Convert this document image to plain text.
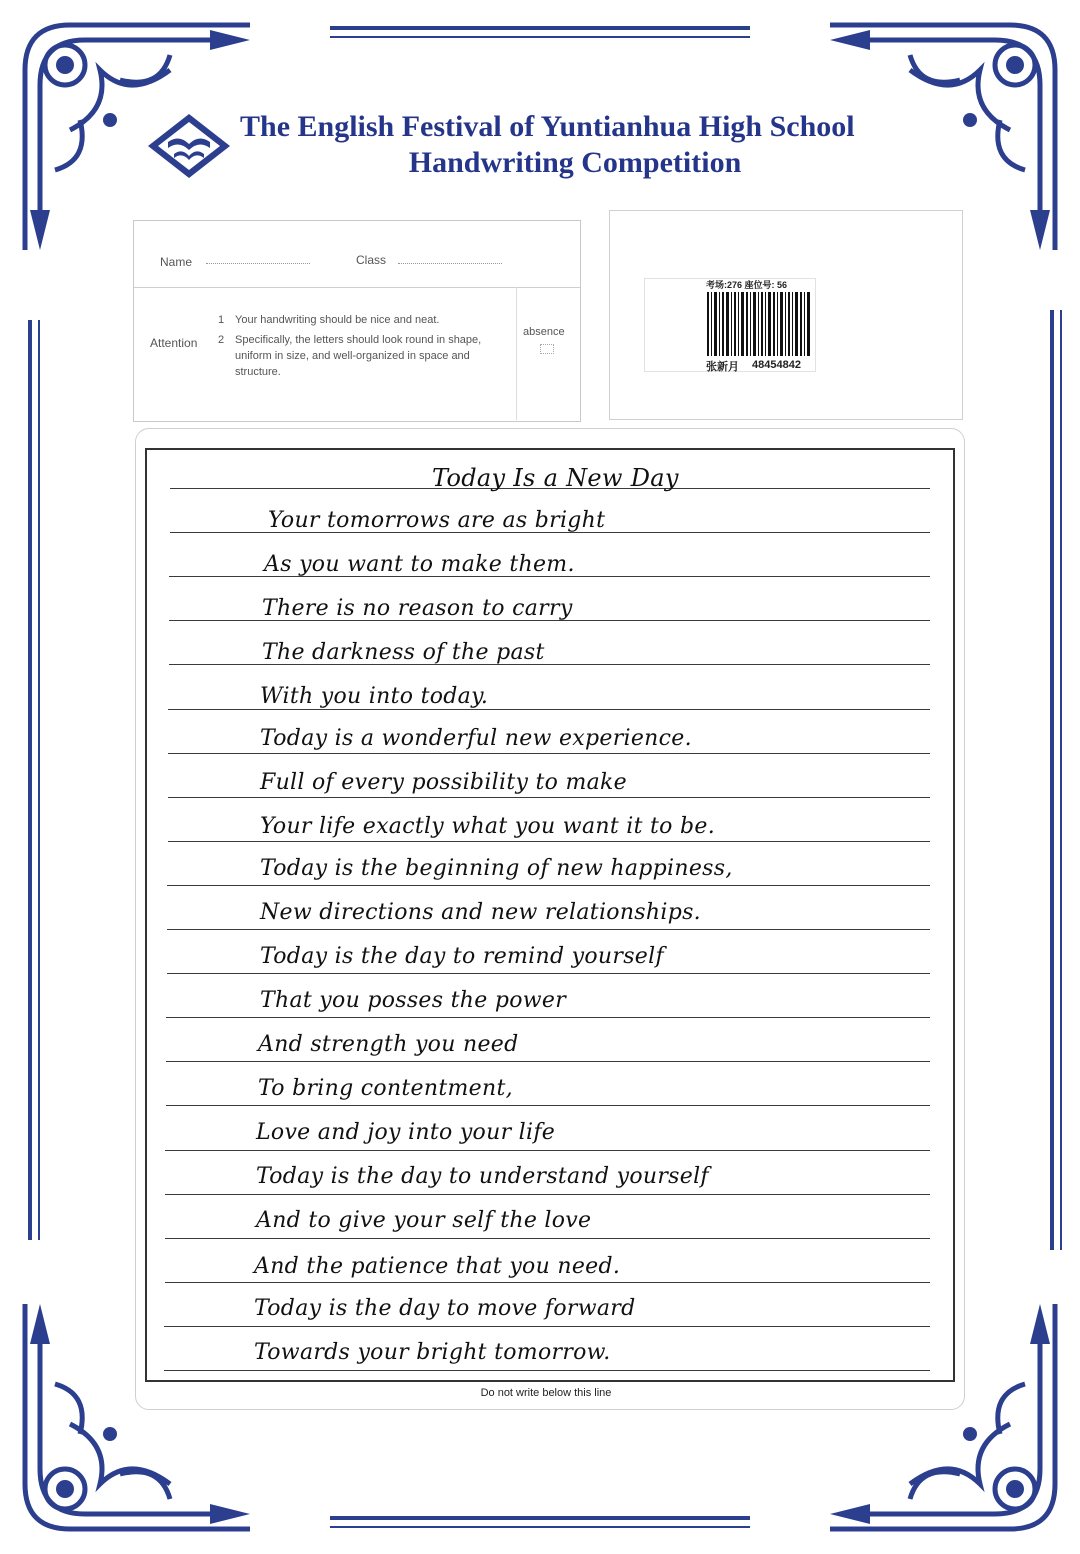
The English Festival of Yuntianhua High School
Handwriting Competition
Name	Class
Attention
1 Your handwriting should be nice and neat.
2 Specifically, the letters should look round in shape, uniform in size, and well-organized in space and structure.
absence
考场:276 座位号: 56
张新月 48454842
Today Is a New Day
Your tomorrows are as bright
As you want to make them.
There is no reason to carry
The darkness of the past
With you into today.
Today is a wonderful new experience.
Full of every possibility to make
Your life exactly what you want it to be.
Today is the beginning of new happiness,
New directions and new relationships.
Today is the day to remind yourself
That you posses the power
And strength you need
To bring contentment,
Love and joy into your life
Today is the day to understand yourself
And to give your self the love
And the patience that you need.
Today is the day to move forward
Towards your bright tomorrow.
Do not write below this line
